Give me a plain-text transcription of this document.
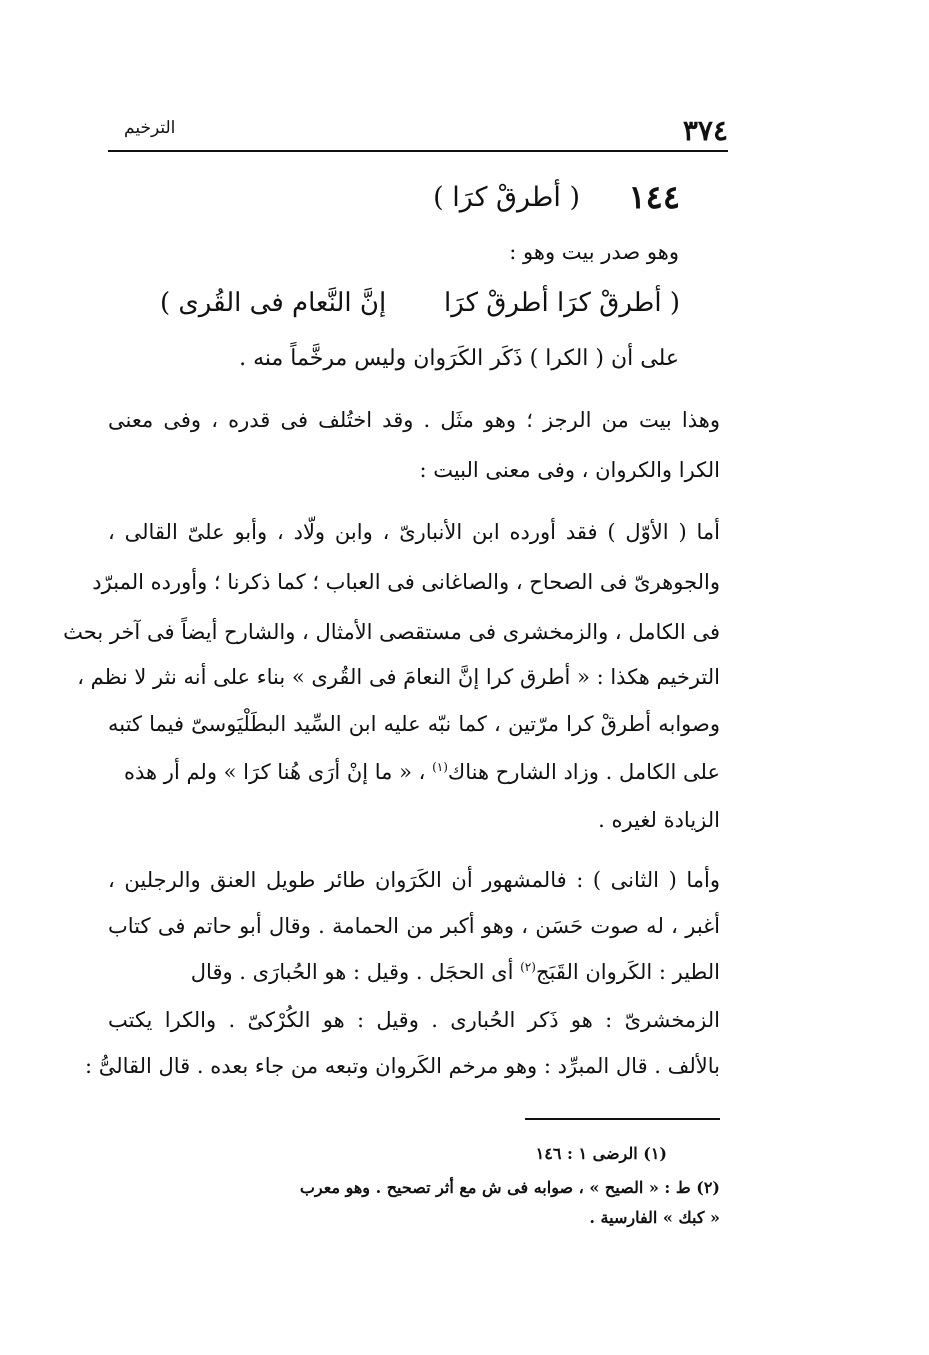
٣٧٤
الترخيم
١٤٤
( أطرقْ كرَا )
وهو صدر بيت وهو :
( أطرقْ كرَا أطرقْ كرَا
إنَّ النَّعام فى القُرى )
على أن ( الكرا ) ذَكَر الكَرَوان وليس مرخَّماً منه .
وهذا بيت من الرجز ؛ وهو مثَل . وقد اختُلف فى قدره ، وفى معنى
الكرا والكروان ، وفى معنى البيت :
أما ( الأوّل ) فقد أورده ابن الأنبارىّ ، وابن ولّاد ، وأبو علىّ القالى ،
والجوهرىّ فى الصحاح ، والصاغانى فى العباب ؛ كما ذكرنا ؛ وأورده المبرّد
فى الكامل ، والزمخشرى فى مستقصى الأمثال ، والشارح أيضاً فى آخر بحث
الترخيم هكذا : « أطرق كرا إنَّ النعامَ فى القُرى » بناء على أنه نثر لا نظم ،
وصوابه أطرقْ كرا مرّتين ، كما نبّه عليه ابن السِّيد البطَلْيَوسىّ فيما كتبه
على الكامل . وزاد الشارح هناك$^{(١)}$ ، « ما إنْ أرَى هُنا كرَا » ولم أر هذه
الزيادة لغيره .
وأما ( الثانى ) : فالمشهور أن الكَرَوان طائر طويل العنق والرجلين ،
أغبر ، له صوت حَسَن ، وهو أكبر من الحمامة . وقال أبو حاتم فى كتاب
الطير : الكَروان القَبَج$^{(٢)}$ أى الحجَل . وقيل : هو الحُبارَى . وقال
الزمخشرىّ : هو ذَكر الحُبارى . وقيل : هو الكُرْكىّ . والكرا يكتب
بالألف . قال المبرِّد : وهو مرخم الكَروان وتبعه من جاء بعده . قال القالىُّ :
(١) الرضى ١ : ١٤٦
(٢) ط : « الصيح » ، صوابه فى ش مع أثر تصحيح . وهو معرب
« كبك » الفارسية .
